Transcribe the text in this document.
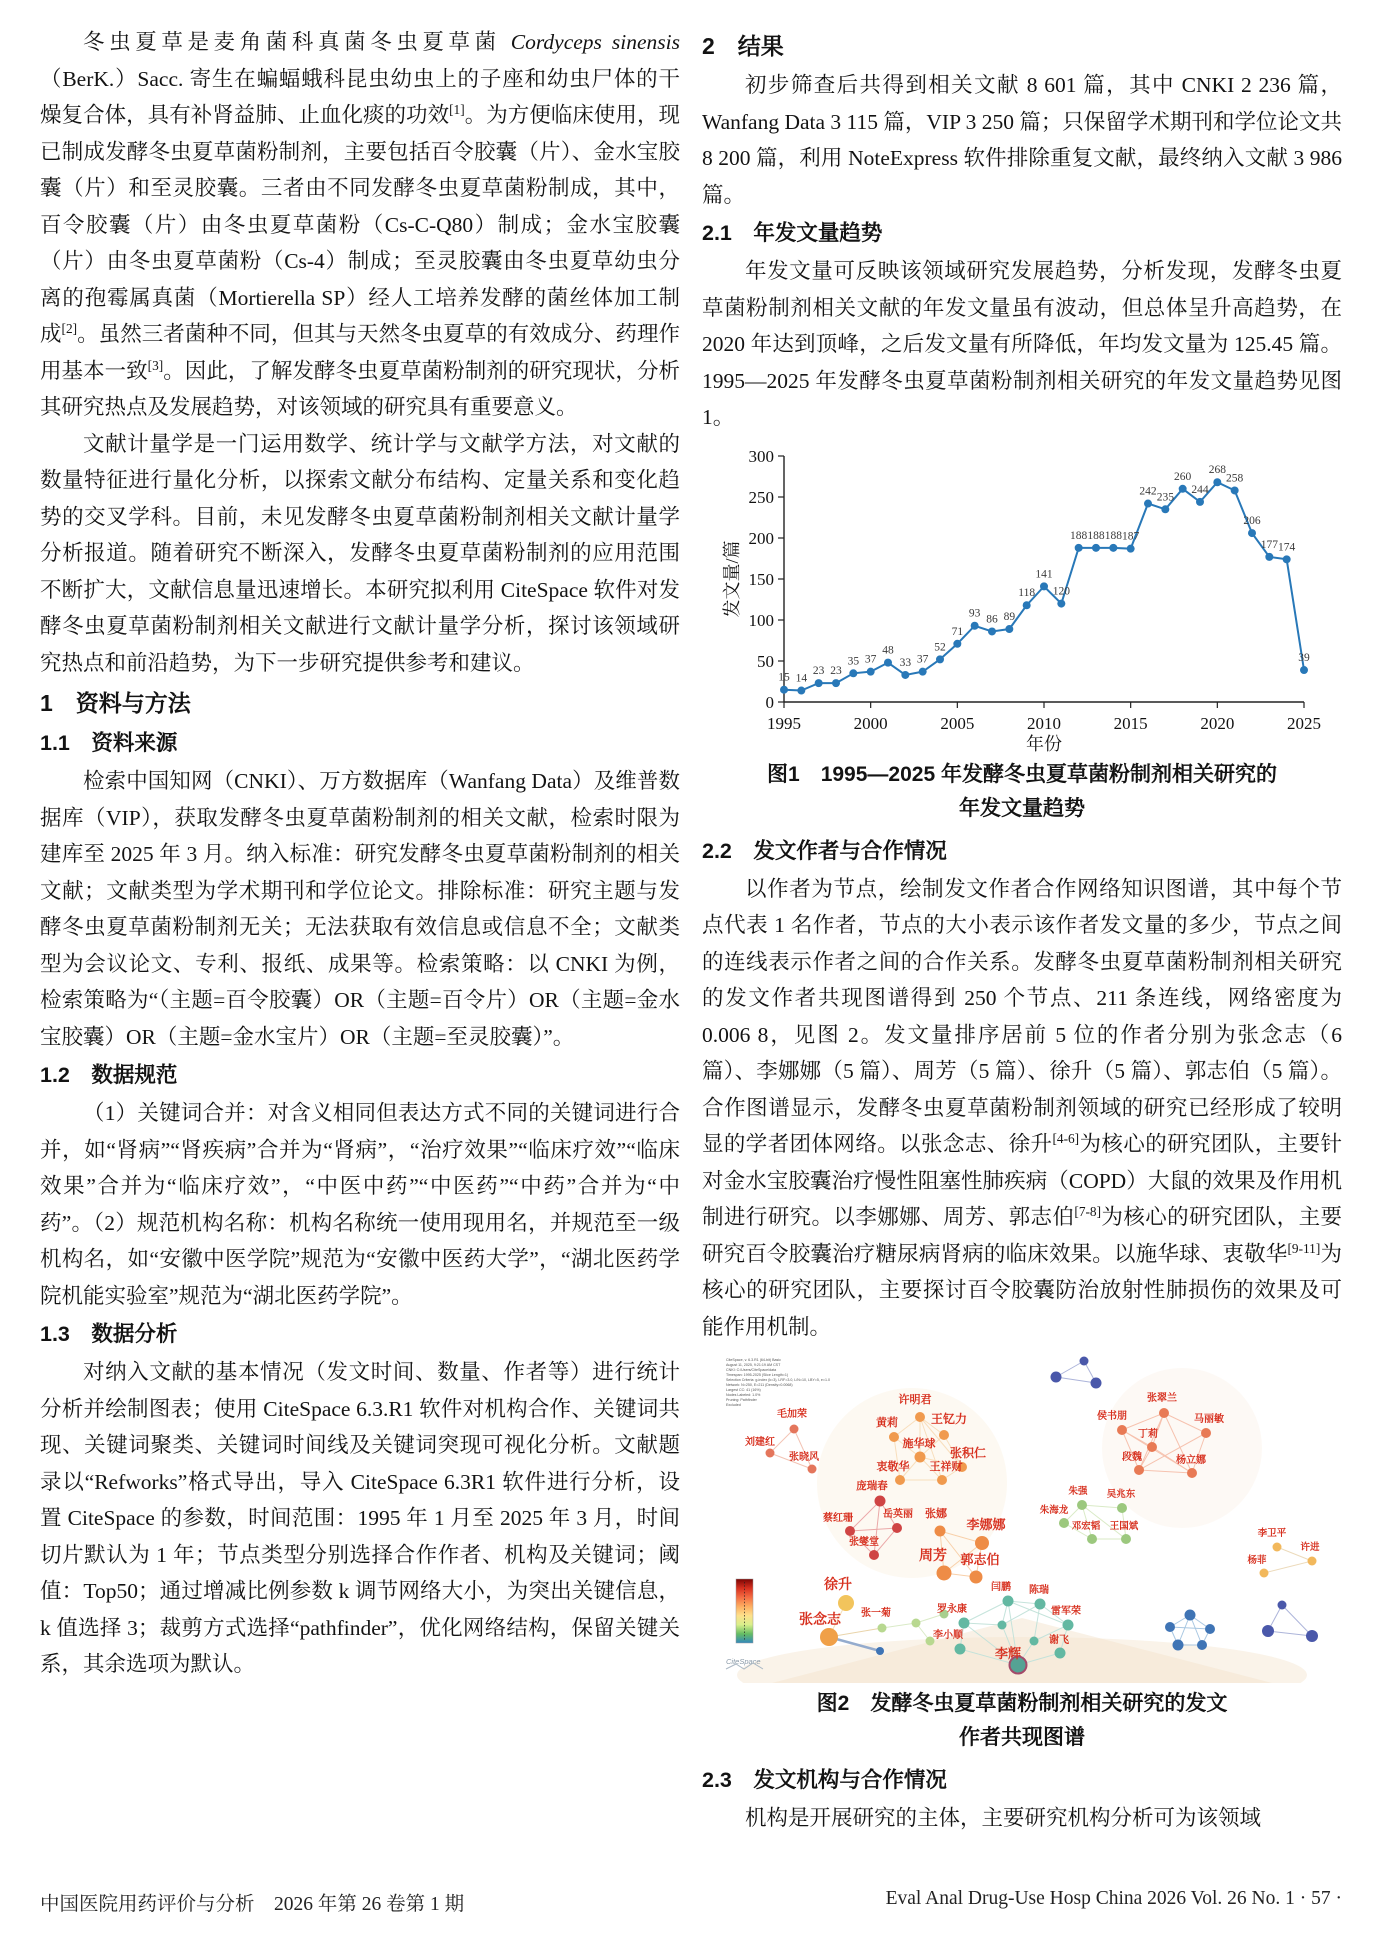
冬虫夏草是麦角菌科真菌冬虫夏草菌 Cordyceps sinensis（BerK.）Sacc. 寄生在蝙蝠蛾科昆虫幼虫上的子座和幼虫尸体的干燥复合体，具有补肾益肺、止血化痰的功效[1]。为方便临床使用，现已制成发酵冬虫夏草菌粉制剂，主要包括百令胶囊（片）、金水宝胶囊（片）和至灵胶囊。三者由不同发酵冬虫夏草菌粉制成，其中，百令胶囊（片）由冬虫夏草菌粉（Cs-C-Q80）制成；金水宝胶囊（片）由冬虫夏草菌粉（Cs-4）制成；至灵胶囊由冬虫夏草幼虫分离的孢霉属真菌（Mortierella SP）经人工培养发酵的菌丝体加工制成[2]。虽然三者菌种不同，但其与天然冬虫夏草的有效成分、药理作用基本一致[3]。因此，了解发酵冬虫夏草菌粉制剂的研究现状，分析其研究热点及发展趋势，对该领域的研究具有重要意义。

文献计量学是一门运用数学、统计学与文献学方法，对文献的数量特征进行量化分析，以探索文献分布结构、定量关系和变化趋势的交叉学科。目前，未见发酵冬虫夏草菌粉制剂相关文献计量学分析报道。随着研究不断深入，发酵冬虫夏草菌粉制剂的应用范围不断扩大，文献信息量迅速增长。本研究拟利用 CiteSpace 软件对发酵冬虫夏草菌粉制剂相关文献进行文献计量学分析，探讨该领域研究热点和前沿趋势，为下一步研究提供参考和建议。

1　资料与方法
1.1　资料来源

检索中国知网（CNKI）、万方数据库（Wanfang Data）及维普数据库（VIP），获取发酵冬虫夏草菌粉制剂的相关文献，检索时限为建库至 2025 年 3 月。纳入标准：研究发酵冬虫夏草菌粉制剂的相关文献；文献类型为学术期刊和学位论文。排除标准：研究主题与发酵冬虫夏草菌粉制剂无关；无法获取有效信息或信息不全；文献类型为会议论文、专利、报纸、成果等。检索策略：以 CNKI 为例，检索策略为“（主题=百令胶囊）OR（主题=百令片）OR（主题=金水宝胶囊）OR（主题=金水宝片）OR（主题=至灵胶囊）”。

1.2　数据规范

（1）关键词合并：对含义相同但表达方式不同的关键词进行合并，如“肾病”“肾疾病”合并为“肾病”，“治疗效果”“临床疗效”“临床效果”合并为“临床疗效”，“中医中药”“中医药”“中药”合并为“中药”。（2）规范机构名称：机构名称统一使用现用名，并规范至一级机构名，如“安徽中医学院”规范为“安徽中医药大学”，“湖北医药学院机能实验室”规范为“湖北医药学院”。

1.3　数据分析

对纳入文献的基本情况（发文时间、数量、作者等）进行统计分析并绘制图表；使用 CiteSpace 6.3.R1 软件对机构合作、关键词共现、关键词聚类、关键词时间线及关键词突现可视化分析。文献题录以“Refworks”格式导出，导入 CiteSpace 6.3R1 软件进行分析，设置 CiteSpace 的参数，时间范围：1995 年 1 月至 2025 年 3 月，时间切片默认为 1 年；节点类型分别选择合作作者、机构及关键词；阈值：Top50；通过增减比例参数 k 调节网络大小，为突出关键信息，k 值选择 3；裁剪方式选择“pathfinder”，优化网络结构，保留关键关系，其余选项为默认。

2　结果

初步筛查后共得到相关文献 8 601 篇，其中 CNKI 2 236 篇，Wanfang Data 3 115 篇，VIP 3 250 篇；只保留学术期刊和学位论文共 8 200 篇，利用 NoteExpress 软件排除重复文献，最终纳入文献 3 986 篇。

2.1　年发文量趋势

年发文量可反映该领域研究发展趋势，分析发现，发酵冬虫夏草菌粉制剂相关文献的年发文量虽有波动，但总体呈升高趋势，在 2020 年达到顶峰，之后发文量有所降低，年均发文量为 125.45 篇。1995—2025 年发酵冬虫夏草菌粉制剂相关研究的年发文量趋势见图 1。

0
50
100
150
200
250
300
1995	2000	2005	2010	2015	2020	2025
发文量/篇
年份
15 14
23 23
35 37
48
33 37
52
71
93 86 89
118
141
120
188 188 188 187
242 235
260
244
268
258
206
177 174
39
图1　1995—2025 年发酵冬虫夏草菌粉制剂相关研究的
年发文量趋势
2.2　发文作者与合作情况

以作者为节点，绘制发文作者合作网络知识图谱，其中每个节点代表 1 名作者，节点的大小表示该作者发文量的多少，节点之间的连线表示作者之间的合作关系。发酵冬虫夏草菌粉制剂相关研究的发文作者共现图谱得到 250 个节点、211 条连线，网络密度为 0.006 8，见图 2。发文量排序居前 5 位的作者分别为张念志（6 篇）、李娜娜（5 篇）、周芳（5 篇）、徐升（5 篇）、郭志伯（5 篇）。合作图谱显示，发酵冬虫夏草菌粉制剂领域的研究已经形成了较明显的学者团体网络。以张念志、徐升[4-6]为核心的研究团队，主要针对金水宝胶囊治疗慢性阻塞性肺疾病（COPD）大鼠的效果及作用机制进行研究。以李娜娜、周芳、郭志伯[7-8]为核心的研究团队，主要研究百令胶囊治疗糖尿病肾病的临床效果。以施华球、衷敬华[9-11]为核心的研究团队，主要探讨百令胶囊防治放射性肺损伤的效果及可能作用机制。

CiteSpace, v. 6.3.R1 (64-bit) Basic
August 11, 2025, 9:21:19 AM CST
CNKI: C:/Users/CiteSpace/data
Timespan: 1995-2025 (Slice Length=1)
Selection Criteria: g-index (k=3), LRF=3.0, L/N=10, LBY=5, e=1.0
Network: N=250, E=211 (Density=0.0068)
Largest CC: 41 (16%)
Nodes Labeled: 1.0%
Pruning: Pathfinder
Excluded
CiteSpace
毛加荣
刘建红
张晓风
许明君
黄莉	王钇力
施华球
张积仁
衷敬华 王祥财
张翠兰
侯书朋	马丽敏
丁莉
段魏	杨立娜
庞瑞春
蔡红珊	岳英丽
张燮堂
张娜
李娜娜
周芳 郭志伯
朱强 吴兆东
朱海龙
邓宏韬 王国斌
李卫平
许进
杨菲
徐升
张念志 张一菊
闫鹏 陈瑞
罗永康	雷军荣
李小顺	谢飞
李辉
图2　发酵冬虫夏草菌粉制剂相关研究的发文
作者共现图谱
2.3　发文机构与合作情况

机构是开展研究的主体，主要研究机构分析可为该领域

中国医院用药评价与分析　2026 年第 26 卷第 1 期	Eval Anal Drug-Use Hosp China 2026 Vol. 26 No. 1 · 57 ·
